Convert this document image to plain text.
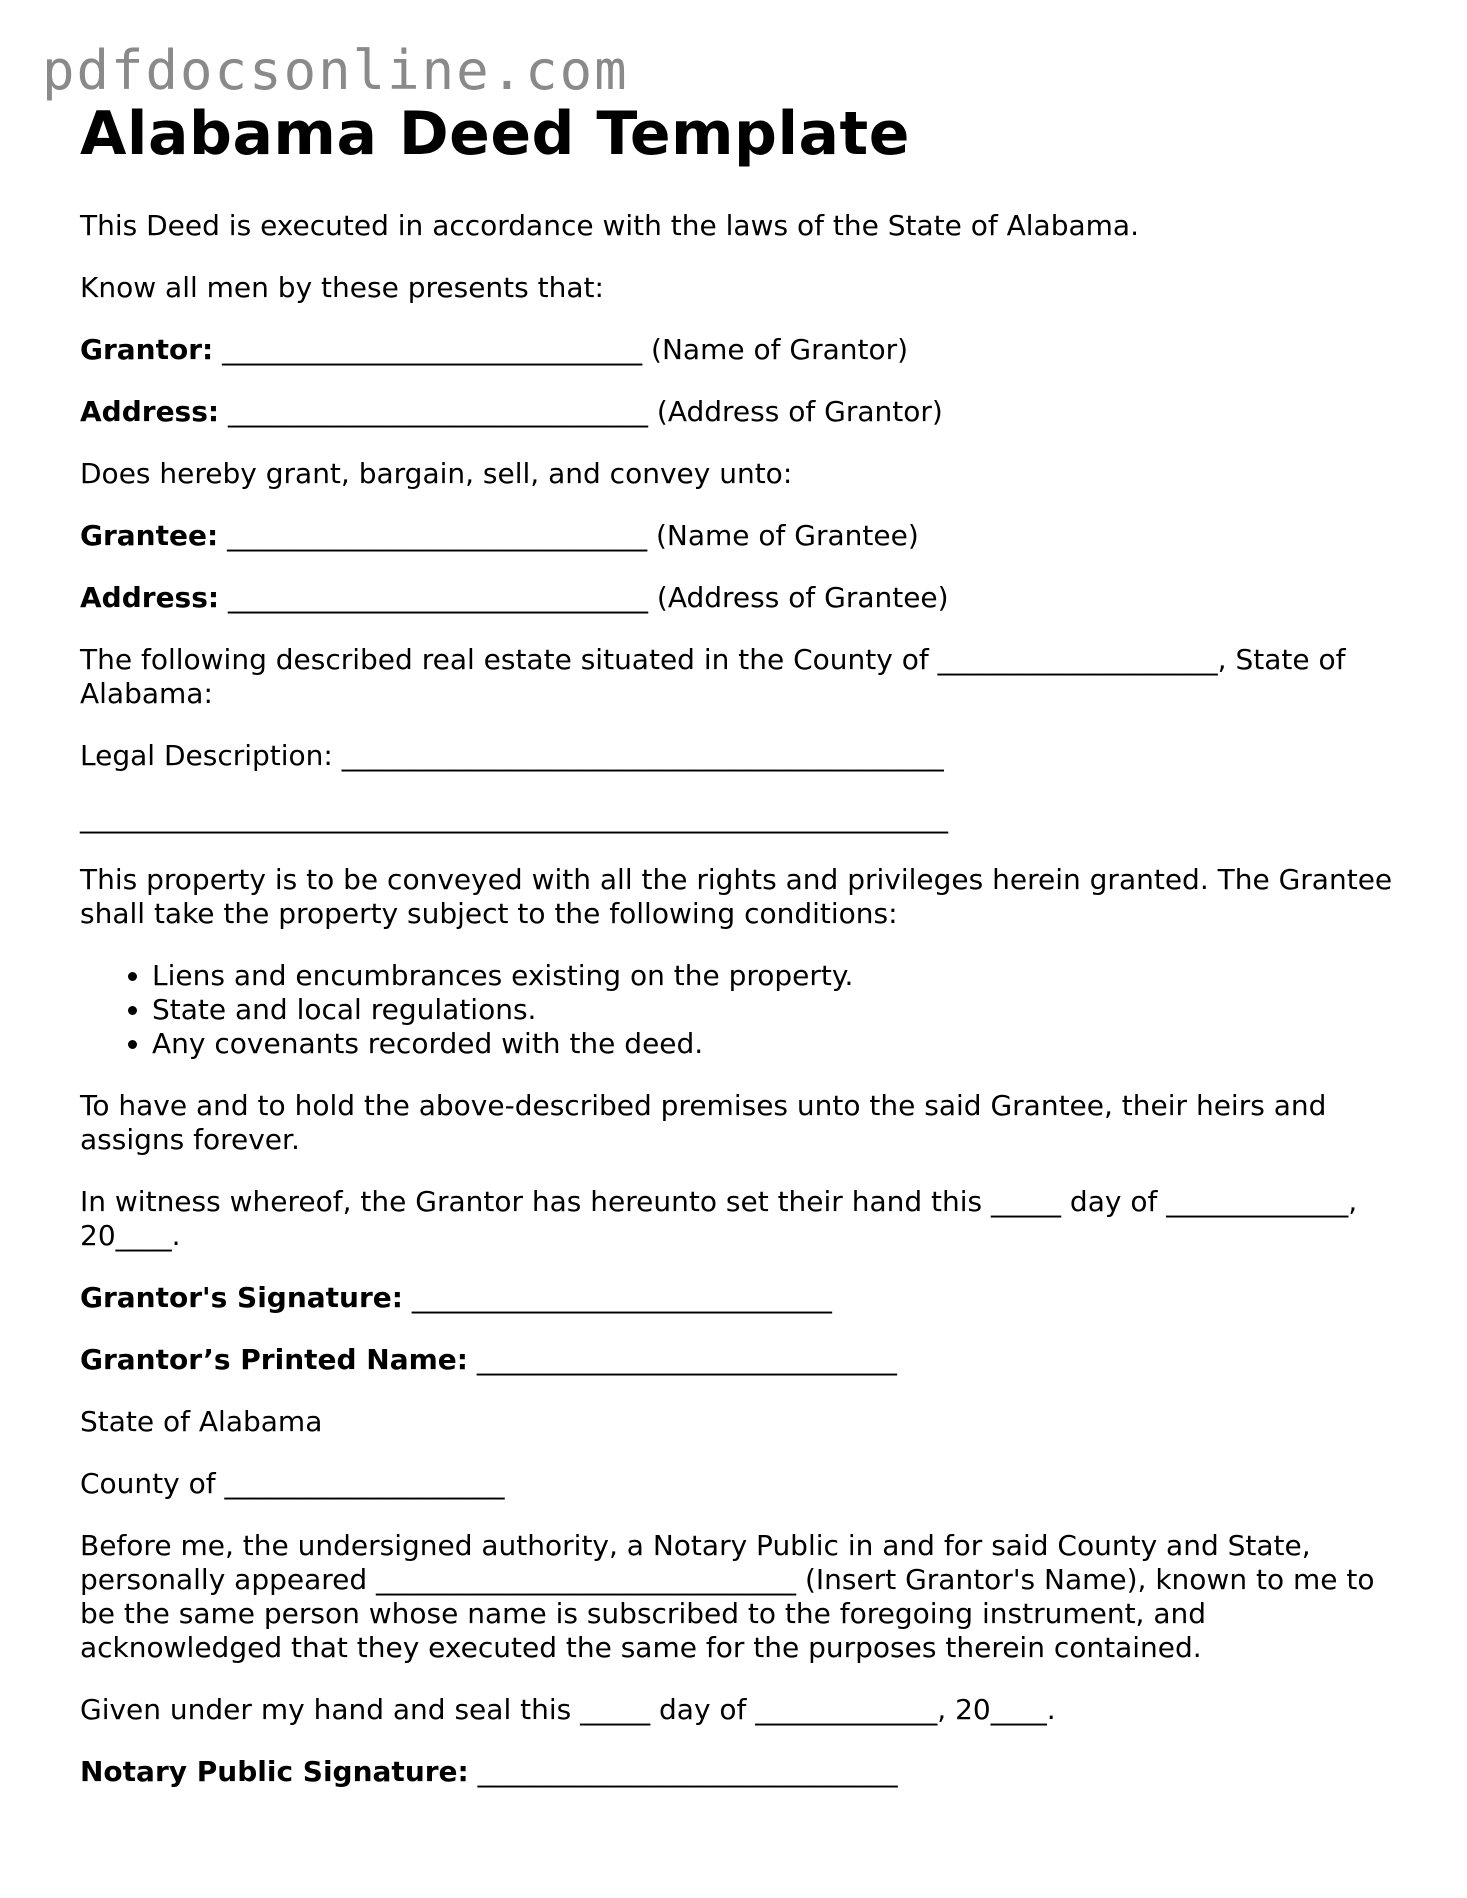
pdfdocsonline.com
Alabama Deed Template

This Deed is executed in accordance with the laws of the State of Alabama.

Know all men by these presents that:

Grantor: ______________________________ (Name of Grantor)

Address: ______________________________ (Address of Grantor)

Does hereby grant, bargain, sell, and convey unto:

Grantee: ______________________________ (Name of Grantee)

Address: ______________________________ (Address of Grantee)

The following described real estate situated in the County of ____________________, State of Alabama:

Legal Description: ___________________________________________

______________________________________________________________

This property is to be conveyed with all the rights and privileges herein granted. The Grantee shall take the property subject to the following conditions:

• Liens and encumbrances existing on the property.
• State and local regulations.
• Any covenants recorded with the deed.

To have and to hold the above-described premises unto the said Grantee, their heirs and assigns forever.

In witness whereof, the Grantor has hereunto set their hand this _____ day of _____________, 20____.

Grantor's Signature: ______________________________

Grantor’s Printed Name: ______________________________

State of Alabama

County of ____________________

Before me, the undersigned authority, a Notary Public in and for said County and State, personally appeared ______________________________ (Insert Grantor's Name), known to me to be the same person whose name is subscribed to the foregoing instrument, and acknowledged that they executed the same for the purposes therein contained.

Given under my hand and seal this _____ day of _____________, 20____.

Notary Public Signature: ______________________________
